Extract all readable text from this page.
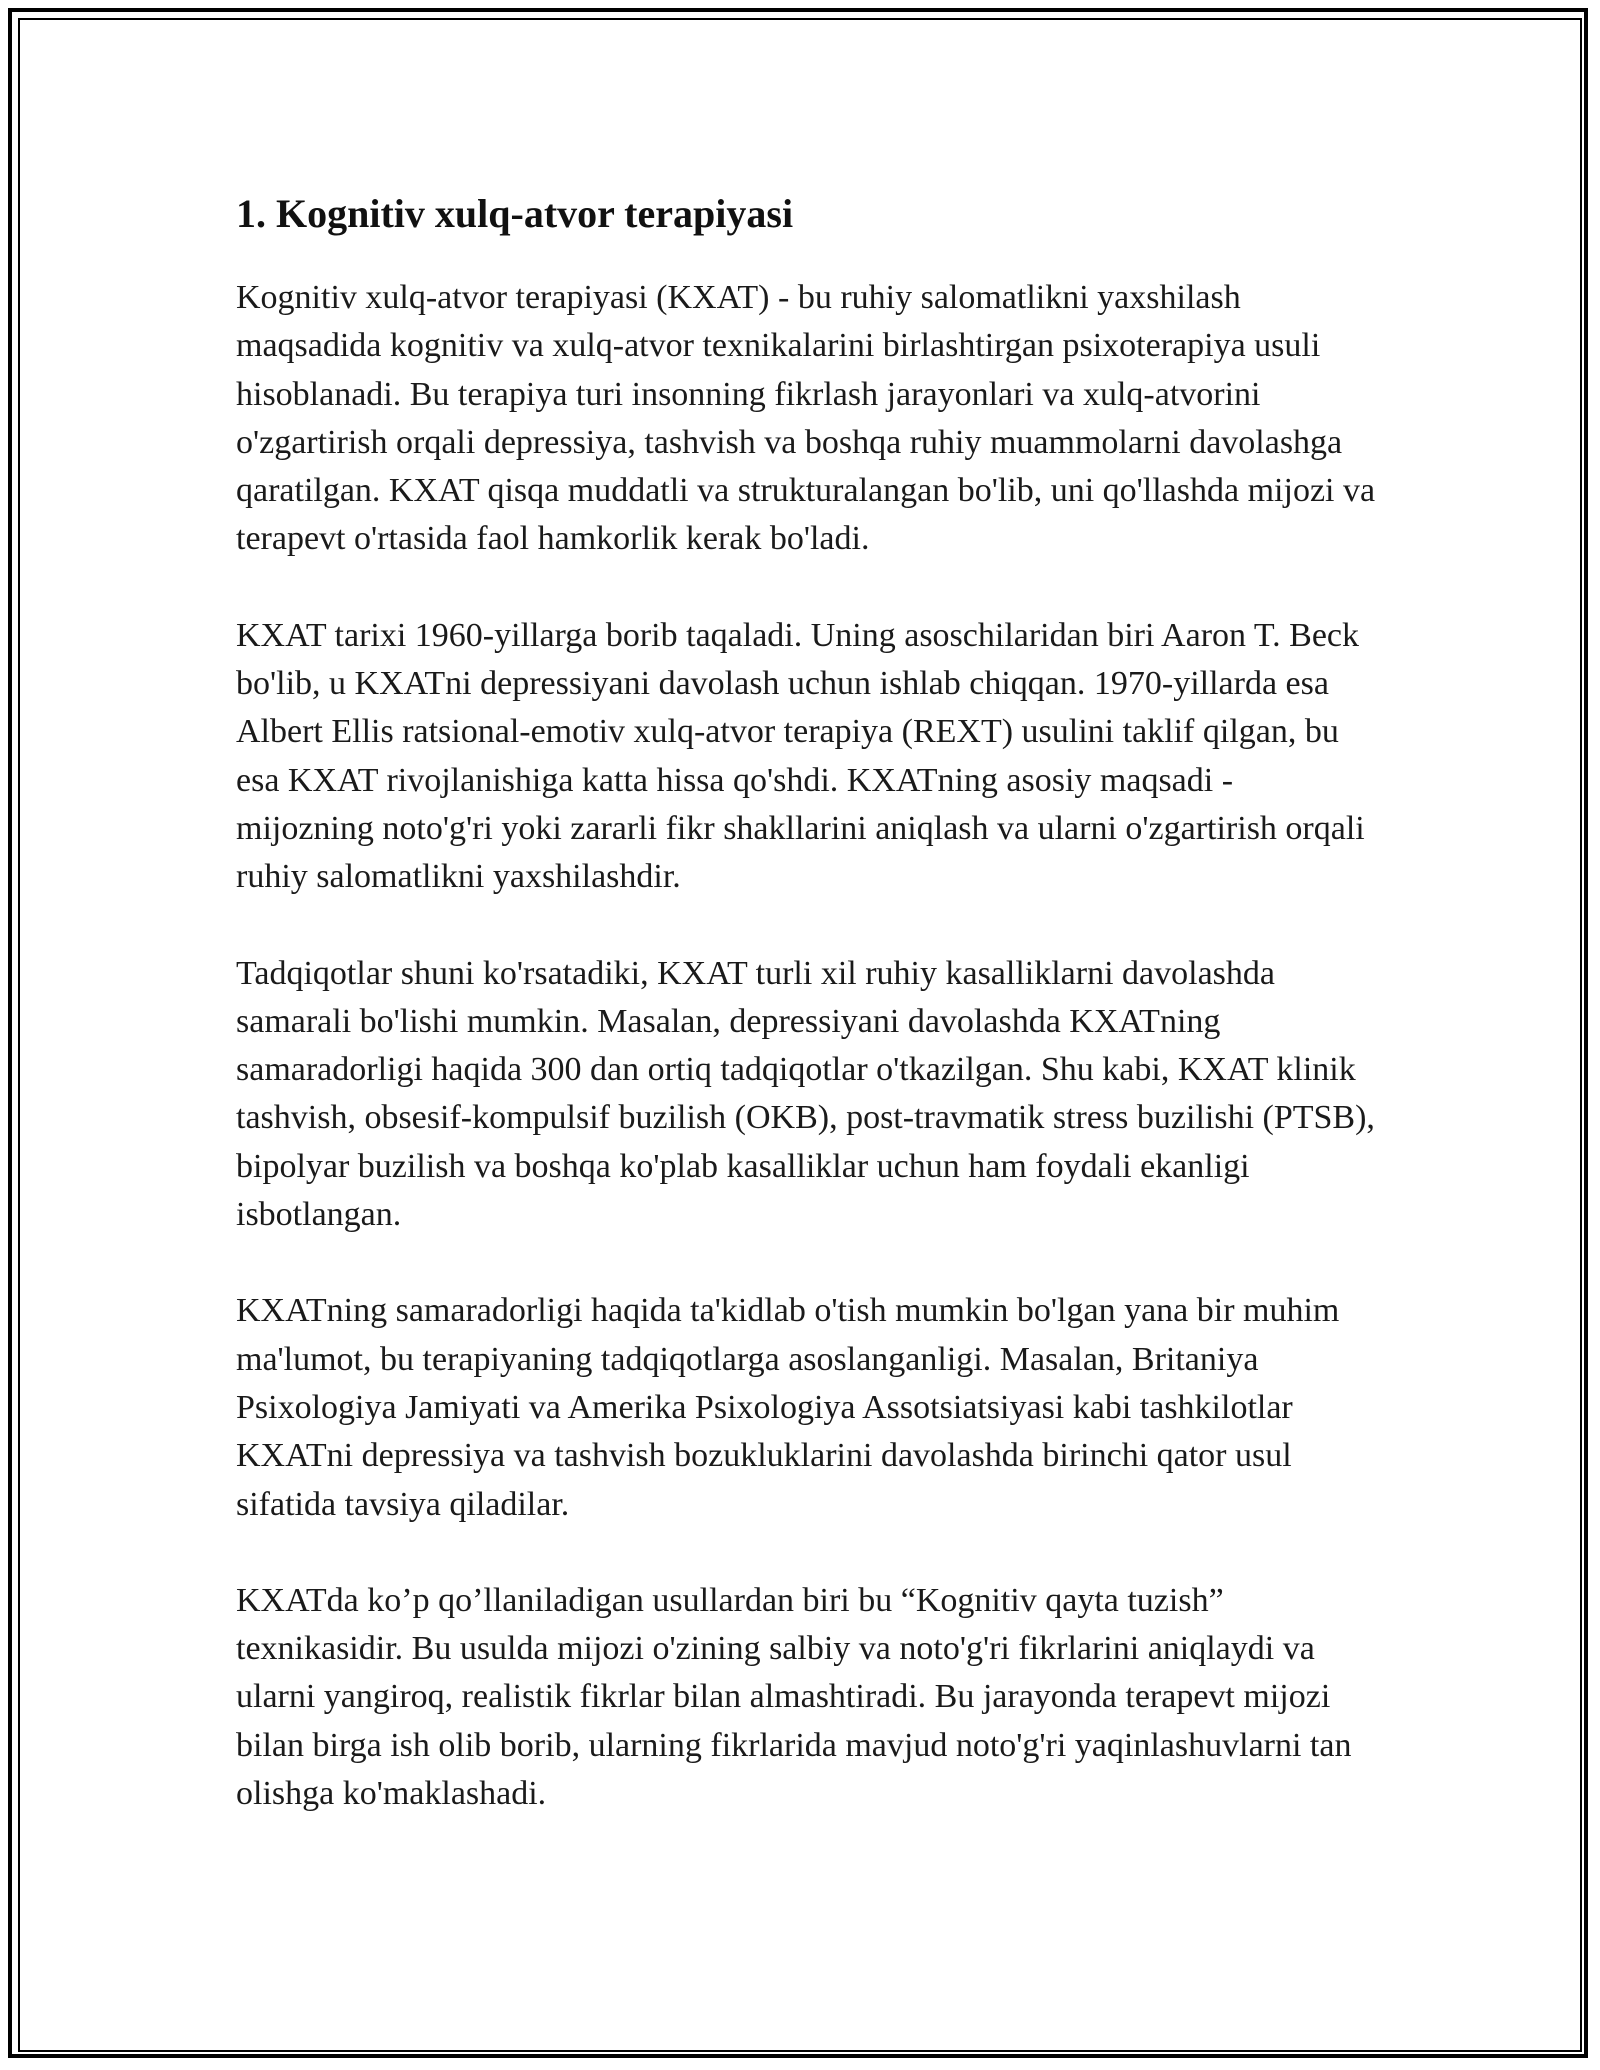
1. Kognitiv xulq-atvor terapiyasi

Kognitiv xulq-atvor terapiyasi (KXAT) - bu ruhiy salomatlikni yaxshilash maqsadida kognitiv va xulq-atvor texnikalarini birlashtirgan psixoterapiya usuli hisoblanadi. Bu terapiya turi insonning fikrlash jarayonlari va xulq-atvorini o'zgartirish orqali depressiya, tashvish va boshqa ruhiy muammolarni davolashga qaratilgan. KXAT qisqa muddatli va strukturalangan bo'lib, uni qo'llashda mijozi va terapevt o'rtasida faol hamkorlik kerak bo'ladi.

KXAT tarixi 1960-yillarga borib taqaladi. Uning asoschilaridan biri Aaron T. Beck bo'lib, u KXATni depressiyani davolash uchun ishlab chiqqan. 1970-yillarda esa Albert Ellis ratsional-emotiv xulq-atvor terapiya (REXT) usulini taklif qilgan, bu esa KXAT rivojlanishiga katta hissa qo'shdi. KXATning asosiy maqsadi - mijozning noto'g'ri yoki zararli fikr shakllarini aniqlash va ularni o'zgartirish orqali ruhiy salomatlikni yaxshilashdir.

Tadqiqotlar shuni ko'rsatadiki, KXAT turli xil ruhiy kasalliklarni davolashda samarali bo'lishi mumkin. Masalan, depressiyani davolashda KXATning samaradorligi haqida 300 dan ortiq tadqiqotlar o'tkazilgan. Shu kabi, KXAT klinik tashvish, obsesif-kompulsif buzilish (OKB), post-travmatik stress buzilishi (PTSB), bipolyar buzilish va boshqa ko'plab kasalliklar uchun ham foydali ekanligi isbotlangan.

KXATning samaradorligi haqida ta'kidlab o'tish mumkin bo'lgan yana bir muhim ma'lumot, bu terapiyaning tadqiqotlarga asoslanganligi. Masalan, Britaniya Psixologiya Jamiyati va Amerika Psixologiya Assotsiatsiyasi kabi tashkilotlar KXATni depressiya va tashvish bozukluklarini davolashda birinchi qator usul sifatida tavsiya qiladilar.

KXATda ko’p qo’llaniladigan usullardan biri bu “Kognitiv qayta tuzish” texnikasidir. Bu usulda mijozi o'zining salbiy va noto'g'ri fikrlarini aniqlaydi va ularni yangiroq, realistik fikrlar bilan almashtiradi. Bu jarayonda terapevt mijozi bilan birga ish olib borib, ularning fikrlarida mavjud noto'g'ri yaqinlashuvlarni tan olishga ko'maklashadi.
